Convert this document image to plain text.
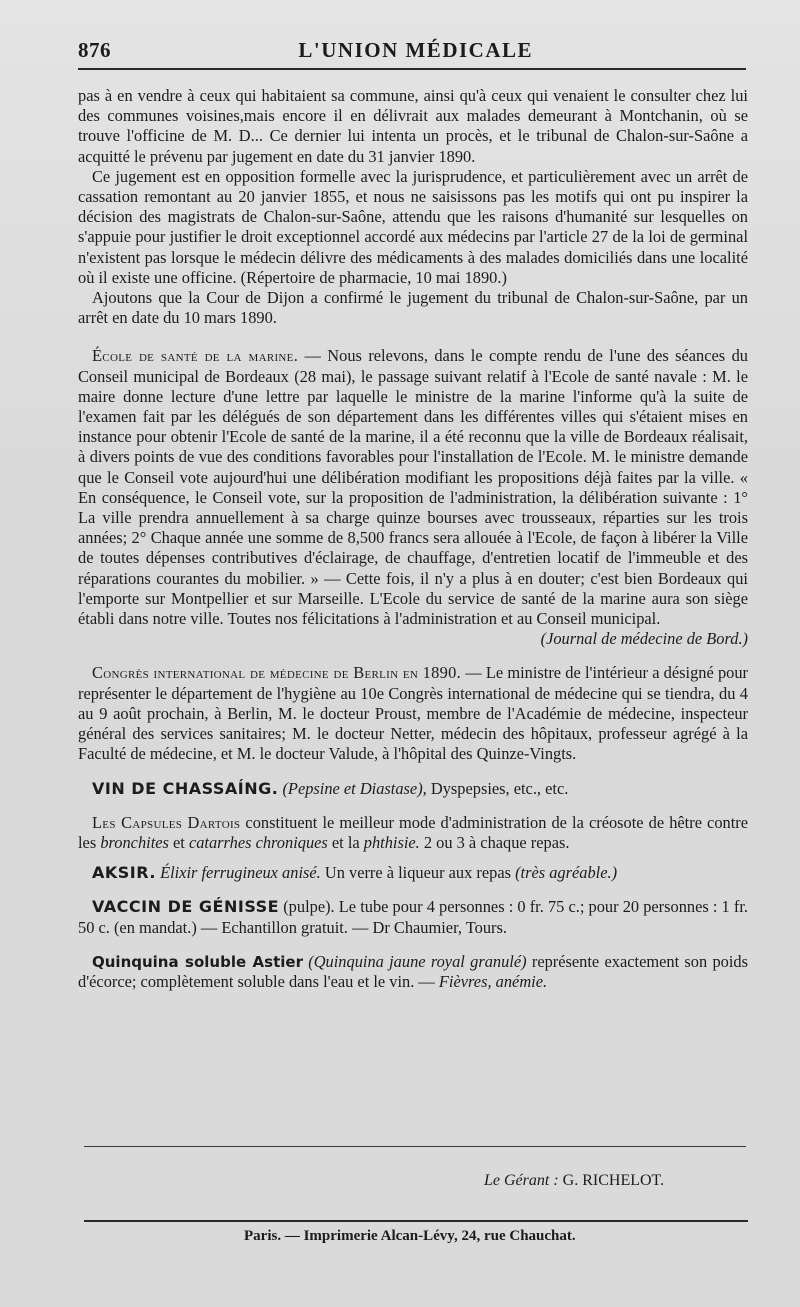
876	L'UNION MÉDICALE

pas à en vendre à ceux qui habitaient sa commune, ainsi qu'à ceux qui venaient le consulter chez lui des communes voisines,mais encore il en délivrait aux malades demeurant à Montchanin, où se trouve l'officine de M. D... Ce dernier lui intenta un procès, et le tribunal de Chalon-sur-Saône a acquitté le prévenu par jugement en date du 31 janvier 1890.

Ce jugement est en opposition formelle avec la jurisprudence, et particulièrement avec un arrêt de cassation remontant au 20 janvier 1855, et nous ne saisissons pas les motifs qui ont pu inspirer la décision des magistrats de Chalon-sur-Saône, attendu que les raisons d'humanité sur lesquelles on s'appuie pour justifier le droit exceptionnel accordé aux médecins par l'article 27 de la loi de germinal n'existent pas lorsque le médecin délivre des médicaments à des malades domiciliés dans une localité où il existe une officine. (Répertoire de pharmacie, 10 mai 1890.)

Ajoutons que la Cour de Dijon a confirmé le jugement du tribunal de Chalon-sur-Saône, par un arrêt en date du 10 mars 1890.

École de santé de la marine. — Nous relevons, dans le compte rendu de l'une des séances du Conseil municipal de Bordeaux (28 mai), le passage suivant relatif à l'Ecole de santé navale : M. le maire donne lecture d'une lettre par laquelle le ministre de la marine l'informe qu'à la suite de l'examen fait par les délégués de son département dans les différentes villes qui s'étaient mises en instance pour obtenir l'Ecole de santé de la marine, il a été reconnu que la ville de Bordeaux réalisait, à divers points de vue des conditions favorables pour l'installation de l'Ecole. M. le ministre demande que le Conseil vote aujourd'hui une délibération modifiant les propositions déjà faites par la ville. « En conséquence, le Conseil vote, sur la proposition de l'administration, la délibération suivante : 1° La ville prendra annuellement à sa charge quinze bourses avec trousseaux, réparties sur les trois années; 2° Chaque année une somme de 8,500 francs sera allouée à l'Ecole, de façon à libérer la Ville de toutes dépenses contributives d'éclairage, de chauffage, d'entretien locatif de l'immeuble et des réparations courantes du mobilier. » — Cette fois, il n'y a plus à en douter; c'est bien Bordeaux qui l'emporte sur Montpellier et sur Marseille. L'Ecole du service de santé de la marine aura son siège établi dans notre ville. Toutes nos félicitations à l'administration et au Conseil municipal.

(Journal de médecine de Bord.)

Congrès international de médecine de Berlin en 1890. — Le ministre de l'intérieur a désigné pour représenter le département de l'hygiène au 10e Congrès international de médecine qui se tiendra, du 4 au 9 août prochain, à Berlin, M. le docteur Proust, membre de l'Académie de médecine, inspecteur général des services sanitaires; M. le docteur Netter, médecin des hôpitaux, professeur agrégé à la Faculté de médecine, et M. le docteur Valude, à l'hôpital des Quinze-Vingts.

VIN DE CHASSAÍNG. (Pepsine et Diastase), Dyspepsies, etc., etc.

Les Capsules Dartois constituent le meilleur mode d'administration de la créosote de hêtre contre les bronchites et catarrhes chroniques et la phthisie. 2 ou 3 à chaque repas.

AKSIR. Élixir ferrugineux anisé. Un verre à liqueur aux repas (très agréable.)

VACCIN DE GÉNISSE (pulpe). Le tube pour 4 personnes : 0 fr. 75 c.; pour 20 personnes : 1 fr. 50 c. (en mandat.) — Echantillon gratuit. — Dr Chaumier, Tours.

Quinquina soluble Astier (Quinquina jaune royal granulé) représente exactement son poids d'écorce; complètement soluble dans l'eau et le vin. — Fièvres, anémie.

Le Gérant : G. RICHELOT.
Paris. — Imprimerie Alcan-Lévy, 24, rue Chauchat.
